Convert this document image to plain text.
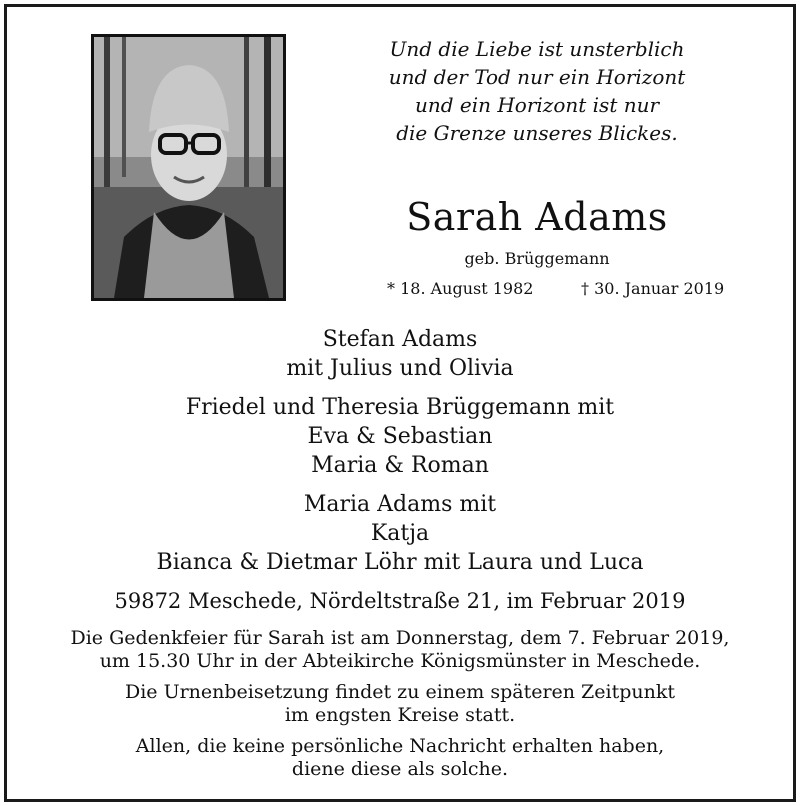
Und die Liebe ist unsterblich
und der Tod nur ein Horizont
und ein Horizont ist nur
die Grenze unseres Blickes.
Sarah Adams
geb. Brüggemann
* 18. August 1982	† 30. Januar 2019
Stefan Adams
mit Julius und Olivia
Friedel und Theresia Brüggemann mit
Eva & Sebastian
Maria & Roman
Maria Adams mit
Katja
Bianca & Dietmar Löhr mit Laura und Luca
59872 Meschede, Nördeltstraße 21, im Februar 2019
Die Gedenkfeier für Sarah ist am Donnerstag, dem 7. Februar 2019,
um 15.30 Uhr in der Abteikirche Königsmünster in Meschede.
Die Urnenbeisetzung findet zu einem späteren Zeitpunkt
im engsten Kreise statt.
Allen, die keine persönliche Nachricht erhalten haben,
diene diese als solche.
